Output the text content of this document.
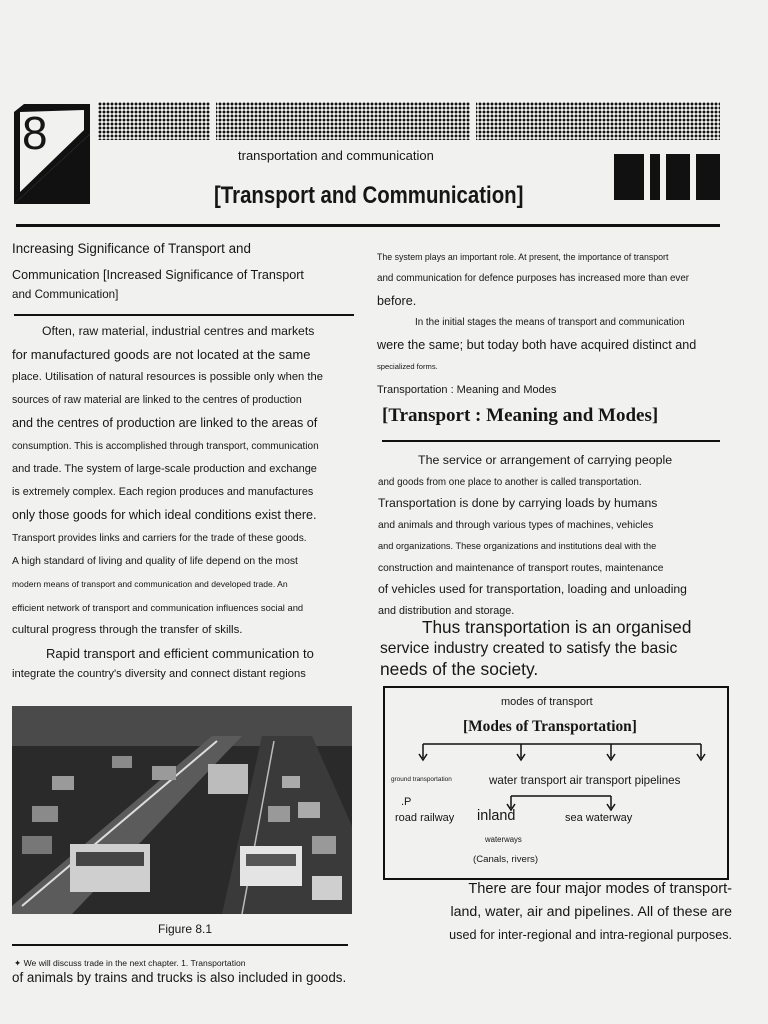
8	transportation and communication
[Transport and Communication]
Increasing Significance of Transport and
Communication [Increased Significance of Transport
and Communication]
Often, raw material, industrial centres and markets
for manufactured goods are not located at the same
place. Utilisation of natural resources is possible only when the
sources of raw material are linked to the centres of production
and the centres of production are linked to the areas of
consumption. This is accomplished through transport, communication
and trade. The system of large-scale production and exchange
is extremely complex. Each region produces and manufactures
only those goods for which ideal conditions exist there.
Transport provides links and carriers for the trade of these goods.
A high standard of living and quality of life depend on the most
modern means of transport and communication and developed trade. An
efficient network of transport and communication influences social and
cultural progress through the transfer of skills.
Rapid transport and efficient communication to
integrate the country's diversity and connect distant regions
Figure 8.1
✦ We will discuss trade in the next chapter. 1. Transportation
of animals by trains and trucks is also included in goods.
The system plays an important role. At present, the importance of transport
and communication for defence purposes has increased more than ever
before.
In the initial stages the means of transport and communication
were the same; but today both have acquired distinct and
specialized forms.
Transportation : Meaning and Modes
[Transport : Meaning and Modes]
The service or arrangement of carrying people
and goods from one place to another is called transportation.
Transportation is done by carrying loads by humans
and animals and through various types of machines, vehicles
and organizations. These organizations and institutions deal with the
construction and maintenance of transport routes, maintenance
of vehicles used for transportation, loading and unloading
and distribution and storage.
Thus transportation is an organised
service industry created to satisfy the basic
needs of the society.
modes of transport
[Modes of Transportation]
ground transportation	water transport air transport pipelines
.P
road railway inland	sea waterway
waterways
(Canals, rivers)
There are four major modes of transport-
land, water, air and pipelines. All of these are
used for inter-regional and intra-regional purposes.
